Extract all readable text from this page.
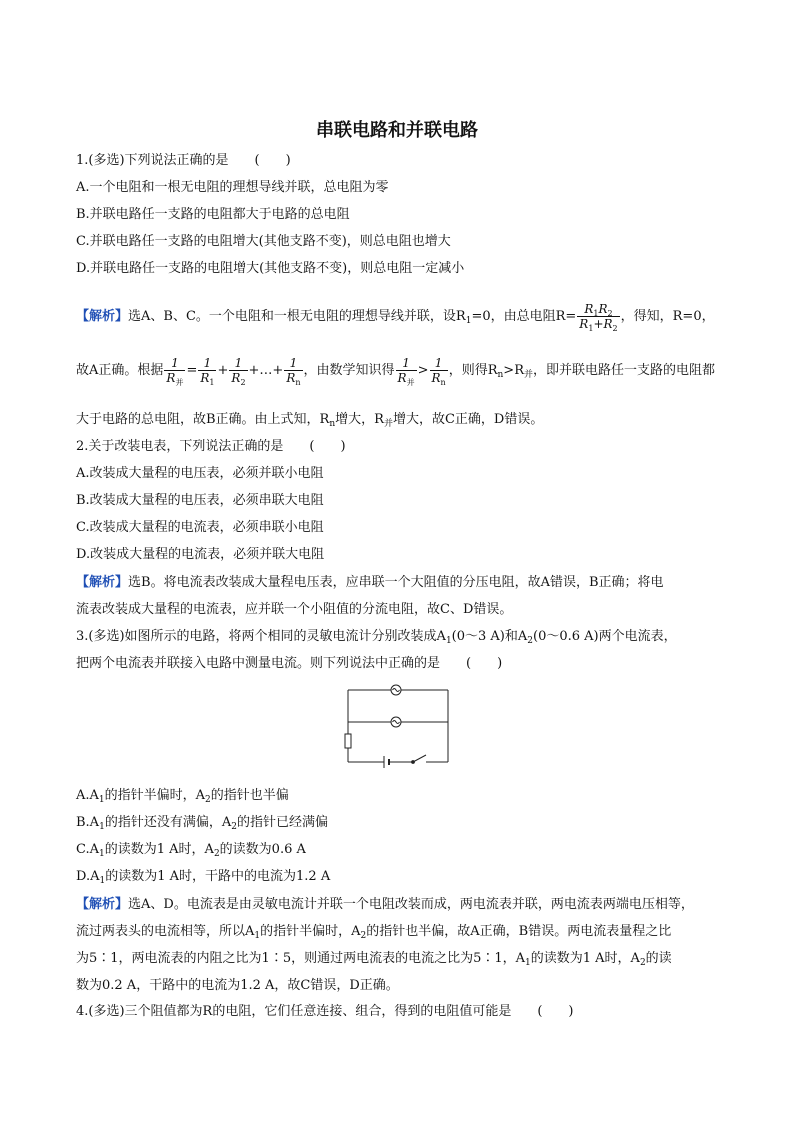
串联电路和并联电路
1.(多选)下列说法正确的是　　(　　)
A.一个电阻和一根无电阻的理想导线并联，总电阻为零
B.并联电路任一支路的电阻都大于电路的总电阻
C.并联电路任一支路的电阻增大(其他支路不变)，则总电阻也增大
D.并联电路任一支路的电阻增大(其他支路不变)，则总电阻一定减小
【解析】选A、B、C。一个电阻和一根无电阻的理想导线并联，设$R_1=0$，由总电阻$R= \frac{R_1R_2}{R_1+R_2}$ ，得知，R=0，
故A正确。根据 $\frac{1}{R_并} = \frac{1}{R_1} + \frac{1}{R_2}$ +…+ $\frac{1}{R_n}$ ，由数学知识得 $\frac{1}{R_并} > \frac{1}{R_n}$ ，则得$R_n>R_并$，即并联电路任一支路的电阻都
大于电路的总电阻，故B正确。由上式知，$R_n$增大，$R_并$增大，故C正确，D错误。
2.关于改装电表，下列说法正确的是　　(　　)
A.改装成大量程的电压表，必须并联小电阻
B.改装成大量程的电压表，必须串联大电阻
C.改装成大量程的电流表，必须串联小电阻
D.改装成大量程的电流表，必须并联大电阻
【解析】选B。将电流表改装成大量程电压表，应串联一个大阻值的分压电阻，故A错误，B正确；将电
流表改装成大量程的电流表，应并联一个小阻值的分流电阻，故C、D错误。
3.(多选)如图所示的电路，将两个相同的灵敏电流计分别改装成$A_1(0\sim 3$ A)和$A_2(0\sim 0.6$ A)两个电流表，
把两个电流表并联接入电路中测量电流。则下列说法中正确的是　　(　　)
$A.A_1$的指针半偏时，$A_2$的指针也半偏
$B.A_1$的指针还没有满偏，$A_2$的指针已经满偏
$C.A_1$的读数为1 A时，$A_2$的读数为0.6 A
$D.A_1$的读数为1 A时，干路中的电流为1.2 A
【解析】选A、D。电流表是由灵敏电流计并联一个电阻改装而成，两电流表并联，两电流表两端电压相等，
流过两表头的电流相等，所以$A_1$的指针半偏时，$A_2$的指针也半偏，故A正确，B错误。两电流表量程之比
为5∶1，两电流表的内阻之比为1∶5，则通过两电流表的电流之比为5∶1，$A_1$的读数为1 A时，$A_2$的读
数为0.2 A，干路中的电流为1.2 A，故C错误，D正确。
4.(多选)三个阻值都为R的电阻，它们任意连接、组合，得到的电阻值可能是　　(　　)
